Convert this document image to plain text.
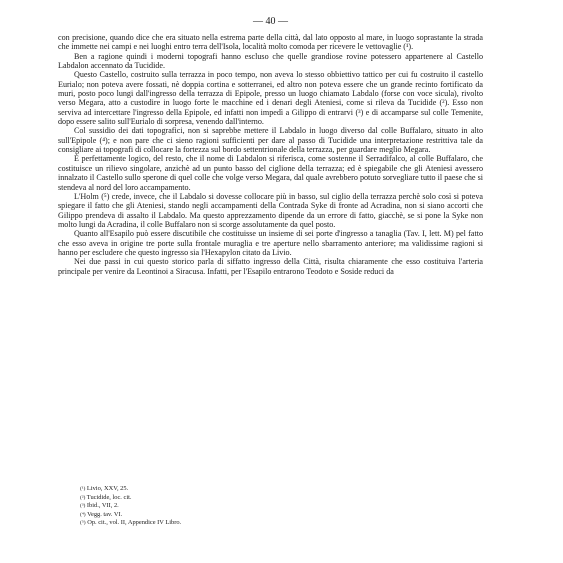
— 40 —

con precisione, quando dice che era situato nella estrema parte della città, dal lato opposto al mare, in luogo soprastante la strada che immette nei campi e nei luoghi entro terra dell'Isola, località molto comoda per ricevere le vettovaglie (¹).

Ben a ragione quindi i moderni topografi hanno escluso che quelle grandiose rovine potessero appartenere al Castello Labdalon accennato da Tucidide.

Questo Castello, costruito sulla terrazza in poco tempo, non aveva lo stesso obbiettivo tattico per cui fu costruito il castello Eurialo; non poteva avere fossati, nè doppia cortina e sotterranei, ed altro non poteva essere che un grande recinto fortificato da muri, posto poco lungi dall'ingresso della terrazza di Epipole, presso un luogo chiamato Labdalo (forse con voce sicula), rivolto verso Megara, atto a custodire in luogo forte le macchine ed i denari degli Ateniesi, come si rileva da Tucidide (²). Esso non serviva ad intercettare l'ingresso della Epipole, ed infatti non impedì a Gilippo di entrarvi (³) e di accamparse sul colle Temenite, dopo essere salito sull'Eurialo di sorpresa, venendo dall'interno.

Col sussidio dei dati topografici, non si saprebbe mettere il Labdalo in luogo diverso dal colle Buffalaro, situato in alto sull'Epipole (⁴); e non pare che ci sieno ragioni sufficienti per dare al passo di Tucidide una interpretazione restrittiva tale da consigliare ai topografi di collocare la fortezza sul bordo settentrionale della terrazza, per guardare meglio Megara.

È perfettamente logico, del resto, che il nome di Labdalon si riferisca, come sostenne il Serradifalco, al colle Buffalaro, che costituisce un rilievo singolare, anzichè ad un punto basso del ciglione della terrazza; ed è spiegabile che gli Ateniesi avessero innalzato il Castello sullo sperone di quel colle che volge verso Megara, dal quale avrebbero potuto sorvegliare tutto il paese che si stendeva al nord del loro accampamento.

L'Holm (⁵) crede, invece, che il Labdalo si dovesse collocare più in basso, sul ciglio della terrazza perchè solo così si poteva spiegare il fatto che gli Ateniesi, stando negli accampamenti della Contrada Syke di fronte ad Acradina, non si siano accorti che Gilippo prendeva di assalto il Labdalo. Ma questo apprezzamento dipende da un errore di fatto, giacchè, se si pone la Syke non molto lungi da Acradina, il colle Buffalaro non si scorge assolutamente da quel posto.

Quanto all'Esapilo può essere discutibile che costituisse un insieme di sei porte d'ingresso a tanaglia (Tav. I, lett. M) pel fatto che esso aveva in origine tre porte sulla frontale muraglia e tre aperture nello sbarramento anteriore; ma validissime ragioni si hanno per escludere che questo ingresso sia l'Hexapylon citato da Livio.

Nei due passi in cui questo storico parla di siffatto ingresso della Città, risulta chiaramente che esso costituiva l'arteria principale per venire da Leontinoi a Siracusa. Infatti, per l'Esapilo entrarono Teodoto e Soside reduci da

(¹) Livio, XXV, 25.
(²) Tucidide, loc. cit.
(³) Ibid., VII, 2.
(⁴) Vegg. tav. VI.
(⁵) Op. cit., vol. II, Appendice IV Libro.
